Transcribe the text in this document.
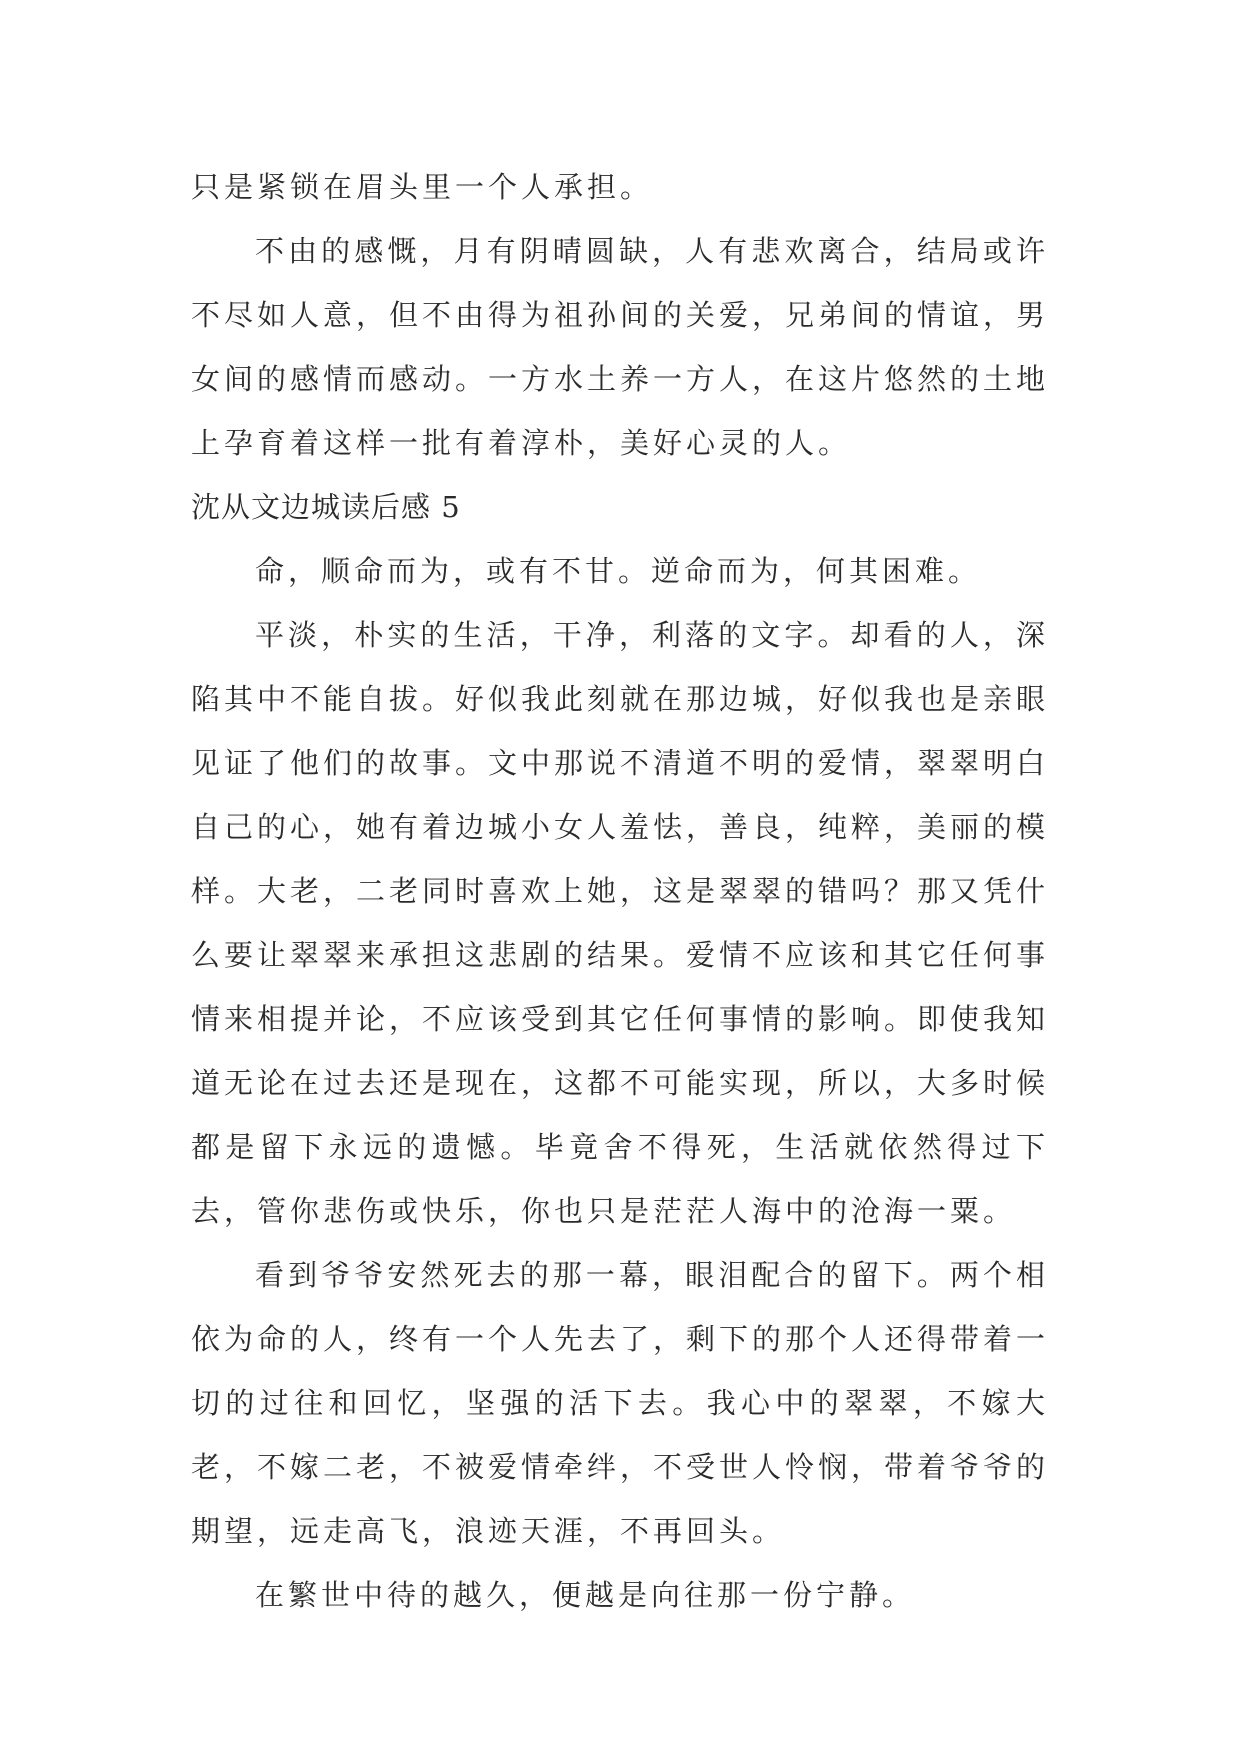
只是紧锁在眉头里一个人承担。

不由的感慨，月有阴晴圆缺，人有悲欢离合，结局或许不尽如人意，但不由得为祖孙间的关爱，兄弟间的情谊，男女间的感情而感动。一方水土养一方人，在这片悠然的土地上孕育着这样一批有着淳朴，美好心灵的人。

沈从文边城读后感 5

命，顺命而为，或有不甘。逆命而为，何其困难。

平淡，朴实的生活，干净，利落的文字。却看的人，深陷其中不能自拔。好似我此刻就在那边城，好似我也是亲眼见证了他们的故事。文中那说不清道不明的爱情，翠翠明白自己的心，她有着边城小女人羞怯，善良，纯粹，美丽的模样。大老，二老同时喜欢上她，这是翠翠的错吗？那又凭什么要让翠翠来承担这悲剧的结果。爱情不应该和其它任何事情来相提并论，不应该受到其它任何事情的影响。即使我知道无论在过去还是现在，这都不可能实现，所以，大多时候都是留下永远的遗憾。毕竟舍不得死，生活就依然得过下去，管你悲伤或快乐，你也只是茫茫人海中的沧海一粟。

看到爷爷安然死去的那一幕，眼泪配合的留下。两个相依为命的人，终有一个人先去了，剩下的那个人还得带着一切的过往和回忆，坚强的活下去。我心中的翠翠，不嫁大老，不嫁二老，不被爱情牵绊，不受世人怜悯，带着爷爷的期望，远走高飞，浪迹天涯，不再回头。

在繁世中待的越久，便越是向往那一份宁静。
